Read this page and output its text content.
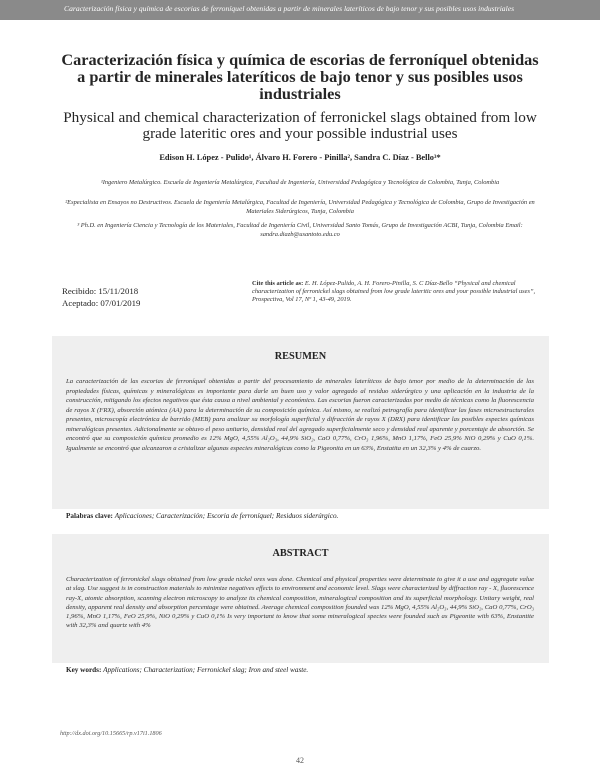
Caracterización física y química de escorias de ferroníquel obtenidas a partir de minerales lateríticos de bajo tenor y sus posibles usos industriales
Caracterización física y química de escorias de ferroníquel obtenidas a partir de minerales lateríticos de bajo tenor y sus posibles usos industriales
Physical and chemical characterization of ferronickel slags obtained from low grade lateritic ores and your possible industrial uses
Edison H. López - Pulido¹, Álvaro H. Forero - Pinilla², Sandra C. Díaz - Bello³*
¹Ingeniero Metalúrgico. Escuela de Ingeniería Metalúrgica, Facultad de Ingeniería, Universidad Pedagógica y Tecnológica de Colombia, Tunja, Colombia
²Especialista en Ensayos no Destructivos. Escuela de Ingeniería Metalúrgica, Facultad de Ingeniería, Universidad Pedagógica y Tecnológica de Colombia, Grupo de Investigación en Materiales Siderúrgicos, Tunja, Colombia
³ Ph.D. en Ingeniería Ciencia y Tecnología de los Materiales, Facultad de Ingeniería Civil, Universidad Santo Tomás, Grupo de Investigación ACBI, Tunja, Colombia Email: sandra.diazb@usantoto.edu.co
Recibido: 15/11/2018
Aceptado: 07/01/2019
Cite this article as: E. H. López-Pulido, A. H. Forero-Pinilla, S. C Díaz-Bello “Physical and chemical characterization of ferronickel slags obtained from low grade lateritic ores and your possible industrial uses”, Prospectiva, Vol 17, Nº 1, 43-49, 2019.
RESUMEN
La caracterización de las escorias de ferroníquel obtenidas a partir del procesamiento de minerales lateríticos de bajo tenor por medio de la determinación de las propiedades físicas, químicas y mineralógicas es importante para darle un buen uso y valor agregado al residuo siderúrgico y una aplicación en la industria de la construcción, mitigando los efectos negativos que ésta causa a nivel ambiental y económico. Las escorias fueron caracterizadas por medio de técnicas como la fluorescencia de rayos X (FRX), absorción atómica (AA) para la determinación de su composición química. Así mismo, se realizó petrografía para identificar las fases microestructurales presentes, microscopía electrónica de barrido (MEB) para analizar su morfología superficial y difracción de rayos X (DRX) para identificar las posibles especies químicas mineralógicas presentes. Adicionalmente se obtuvo el peso unitario, densidad real del agregado superficialmente seco y densidad real aparente y porcentaje de absorción. Se encontró que su composición química promedio es 12% MgO, 4,55% Al₂O₃, 44,9% SiO₂, CaO 0,77%, CrO₃ 1,96%, MnO 1,17%, FeO 25,9% NiO 0,29% y CuO 0,1%. Igualmente se encontró que alcanzaron a cristalizar algunas especies mineralógicas como la Pigeonita en un 63%, Enstatita en un 32,3% y 4% de cuarzo.
Palabras clave: Aplicaciones; Caracterización; Escoria de ferroníquel; Residuos siderúrgico.
ABSTRACT
Characterization of ferronickel slags obtained from low grade nickel ores was done. Chemical and physical properties were determinate to give it a use and aggregate value at slag. Use suggest is in construction materials to minimize negatives effects to environment and economic level. Slags were characterized by diffraction ray - X, fluorescence ray-X, atomic absorption, scanning electron microscopy to analyze its chemical composition, mineralogical composition and its superficial morphology. Unitary weight, real density, apparent real density and absorption percentage were obtained. Average chemical composition founded was 12% MgO, 4,55% Al₂O₃, 44,9% SiO₂, CaO 0,77%, CrO₃ 1,96%, MnO 1,17%, FeO 25,9%, NiO 0,29% y CuO 0,1% Is very important to know that some mineralogical species were founded such as Pigeonite with 63%, Enstantite with 32,3% and quartz with 4%
Key words: Applications; Characterization; Ferronickel slag; Iron and steel waste.
http://dx.doi.org/10.15665/rp.v17i1.1806
42
